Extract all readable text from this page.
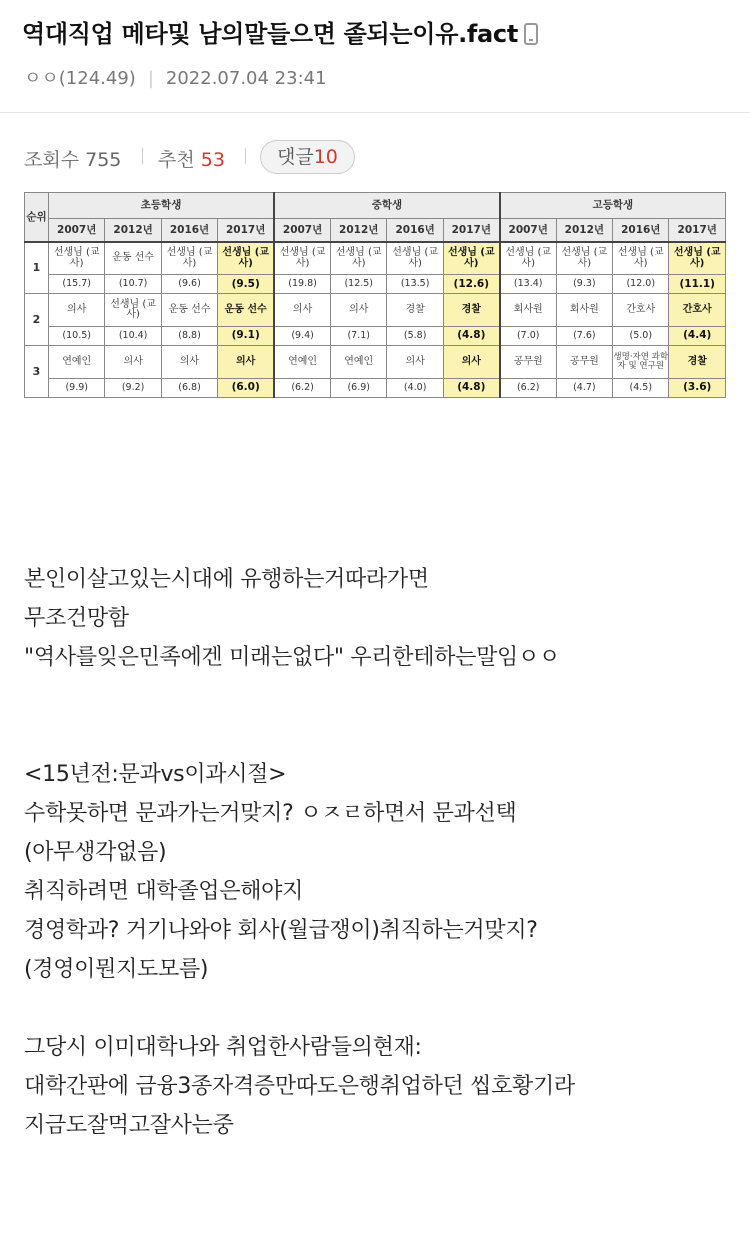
역대직업 메타및 남의말들으면 좉되는이유.fact
ㅇㅇ(124.49) | 2022.07.04 23:41
조회수 755 추천 53	댓글10
순위	초등학생				중학생				고등학생			
	2007년	2012년	2016년	2017년	2007년	2012년	2016년	2017년	2007년	2012년	2016년	2017년
1	선생님 (교사)	운동 선수	선생님 (교사)	선생님 (교사)	선생님 (교사)	선생님 (교사)	선생님 (교사)	선생님 (교사)	선생님 (교사)	선생님 (교사)	선생님 (교사)	선생님 (교사)
	(15.7)	(10.7)	(9.6)	(9.5)	(19.8)	(12.5)	(13.5)	(12.6)	(13.4)	(9.3)	(12.0)	(11.1)
2	의사	선생님 (교사)	운동 선수	운동 선수	의사	의사	경찰	경찰	회사원	회사원	간호사	간호사
	(10.5)	(10.4)	(8.8)	(9.1)	(9.4)	(7.1)	(5.8)	(4.8)	(7.0)	(7.6)	(5.0)	(4.4)
3	연예인	의사	의사	의사	연예인	연예인	의사	의사	공무원	공무원	생명·자연 과학자 및 연구원	경찰
	(9.9)	(9.2)	(6.8)	(6.0)	(6.2)	(6.9)	(4.0)	(4.8)	(6.2)	(4.7)	(4.5)	(3.6)
본인이살고있는시대에 유행하는거따라가면
무조건망함
"역사를잊은민족에겐 미래는없다" 우리한테하는말임ㅇㅇ
<15년전:문과vs이과시절>
수학못하면 문과가는거맞지? ㅇㅈㄹ하면서 문과선택
(아무생각없음)
취직하려면 대학졸업은해야지
경영학과? 거기나와야 회사(월급쟁이)취직하는거맞지?
(경영이뭔지도모름)
그당시 이미대학나와 취업한사람들의현재:
대학간판에 금융3종자격증만따도은행취업하던 씹호황기라
지금도잘먹고잘사는중
